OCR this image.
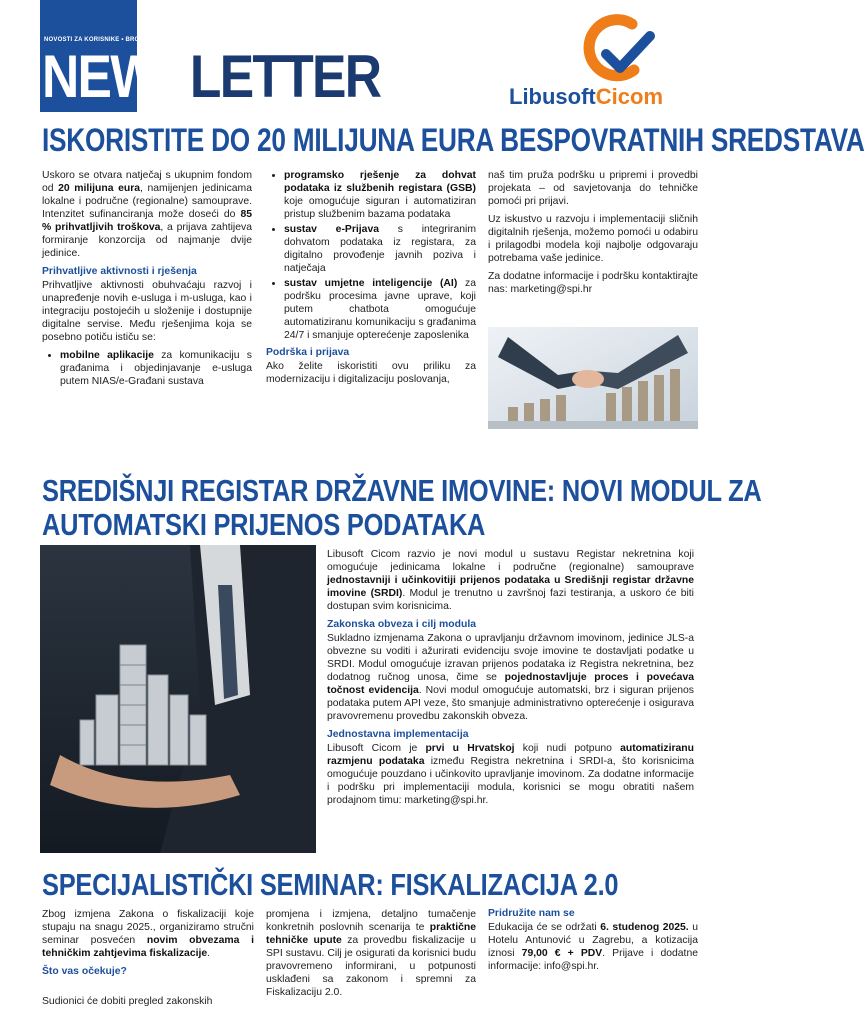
NOVOSTI ZA KORISNIKE • BROJ 10 • LISTOPAD 2025.
NEWSLETTER	LibusoftCicom
ISKORISTITE DO 20 MILIJUNA EURA BESPOVRATNIH SREDSTAVA

Uskoro se otvara natječaj s ukupnim fondom od 20 milijuna eura, namijenjen jedinicama lokalne i područne (regionalne) samouprave. Intenzitet sufinanciranja može doseći do 85 % prihvatljivih troškova, a prijava zahtijeva formiranje konzorcija od najmanje dvije jedinice.

Prihvatljive aktivnosti i rješenja

Prihvatljive aktivnosti obuhvaćaju razvoj i unapređenje novih e-usluga i m-usluga, kao i integraciju postojećih u složenije i dostupnije digitalne servise. Među rješenjima koja se posebno potiču ističu se:

• mobilne aplikacije za komunikaciju s građanima i objedinjavanje e-usluga putem NIAS/e-Građani sustava
• programsko rješenje za dohvat podataka iz službenih registara (GSB) koje omogućuje siguran i automatiziran pristup službenim bazama podataka
• sustav e-Prijava s integriranim dohvatom podataka iz registara, za digitalno provođenje javnih poziva i natječaja
• sustav umjetne inteligencije (AI) za podršku procesima javne uprave, koji putem chatbota omogućuje automatiziranu komunikaciju s građanima 24/7 i smanjuje opterećenje zaposlenika
Podrška i prijava

Ako želite iskoristiti ovu priliku za modernizaciju i digitalizaciju poslovanja,

naš tim pruža podršku u pripremi i provedbi projekata – od savjetovanja do tehničke pomoći pri prijavi.

Uz iskustvo u razvoju i implementaciji sličnih digitalnih rješenja, možemo pomoći u odabiru i prilagodbi modela koji najbolje odgovaraju potrebama vaše jedinice.

Za dodatne informacije i podršku kontaktirajte nas: marketing@spi.hr

SREDIŠNJI REGISTAR DRŽAVNE IMOVINE: NOVI MODUL ZA
AUTOMATSKI PRIJENOS PODATAKA

Libusoft Cicom razvio je novi modul u sustavu Registar nekretnina koji omogućuje jedinicama lokalne i područne (regionalne) samouprave jednostavniji i učinkovitiji prijenos podataka u Središnji registar državne imovine (SRDI). Modul je trenutno u završnoj fazi testiranja, a uskoro će biti dostupan svim korisnicima.

Zakonska obveza i cilj modula

Sukladno izmjenama Zakona o upravljanju državnom imovinom, jedinice JLS-a obvezne su voditi i ažurirati evidenciju svoje imovine te dostavljati podatke u SRDI. Modul omogućuje izravan prijenos podataka iz Registra nekretnina, bez dodatnog ručnog unosa, čime se pojednostavljuje proces i povećava točnost evidencija. Novi modul omogućuje automatski, brz i siguran prijenos podataka putem API veze, što smanjuje administrativno opterećenje i osigurava pravovremenu provedbu zakonskih obveza.

Jednostavna implementacija

Libusoft Cicom je prvi u Hrvatskoj koji nudi potpuno automatiziranu razmjenu podataka između Registra nekretnina i SRDI-a, što korisnicima omogućuje pouzdano i učinkovito upravljanje imovinom. Za dodatne informacije i podršku pri implementaciji modula, korisnici se mogu obratiti našem prodajnom timu: marketing@spi.hr.

SPECIJALISTIČKI SEMINAR: FISKALIZACIJA 2.0

Zbog izmjena Zakona o fiskalizaciji koje stupaju na snagu 2025., organiziramo stručni seminar posvećen novim obvezama i tehničkim zahtjevima fiskalizacije.

Što vas očekuje?
Sudionici će dobiti pregled zakonskih

promjena i izmjena, detaljno tumačenje konkretnih poslovnih scenarija te praktične tehničke upute za provedbu fiskalizacije u SPI sustavu. Cilj je osigurati da korisnici budu pravovremeno informirani, u potpunosti usklađeni sa zakonom i spremni za Fiskalizaciju 2.0.

Pridružite nam se

Edukacija će se održati 6. studenog 2025. u Hotelu Antunović u Zagrebu, a kotizacija iznosi 79,00 € + PDV. Prijave i dodatne informacije: info@spi.hr.
